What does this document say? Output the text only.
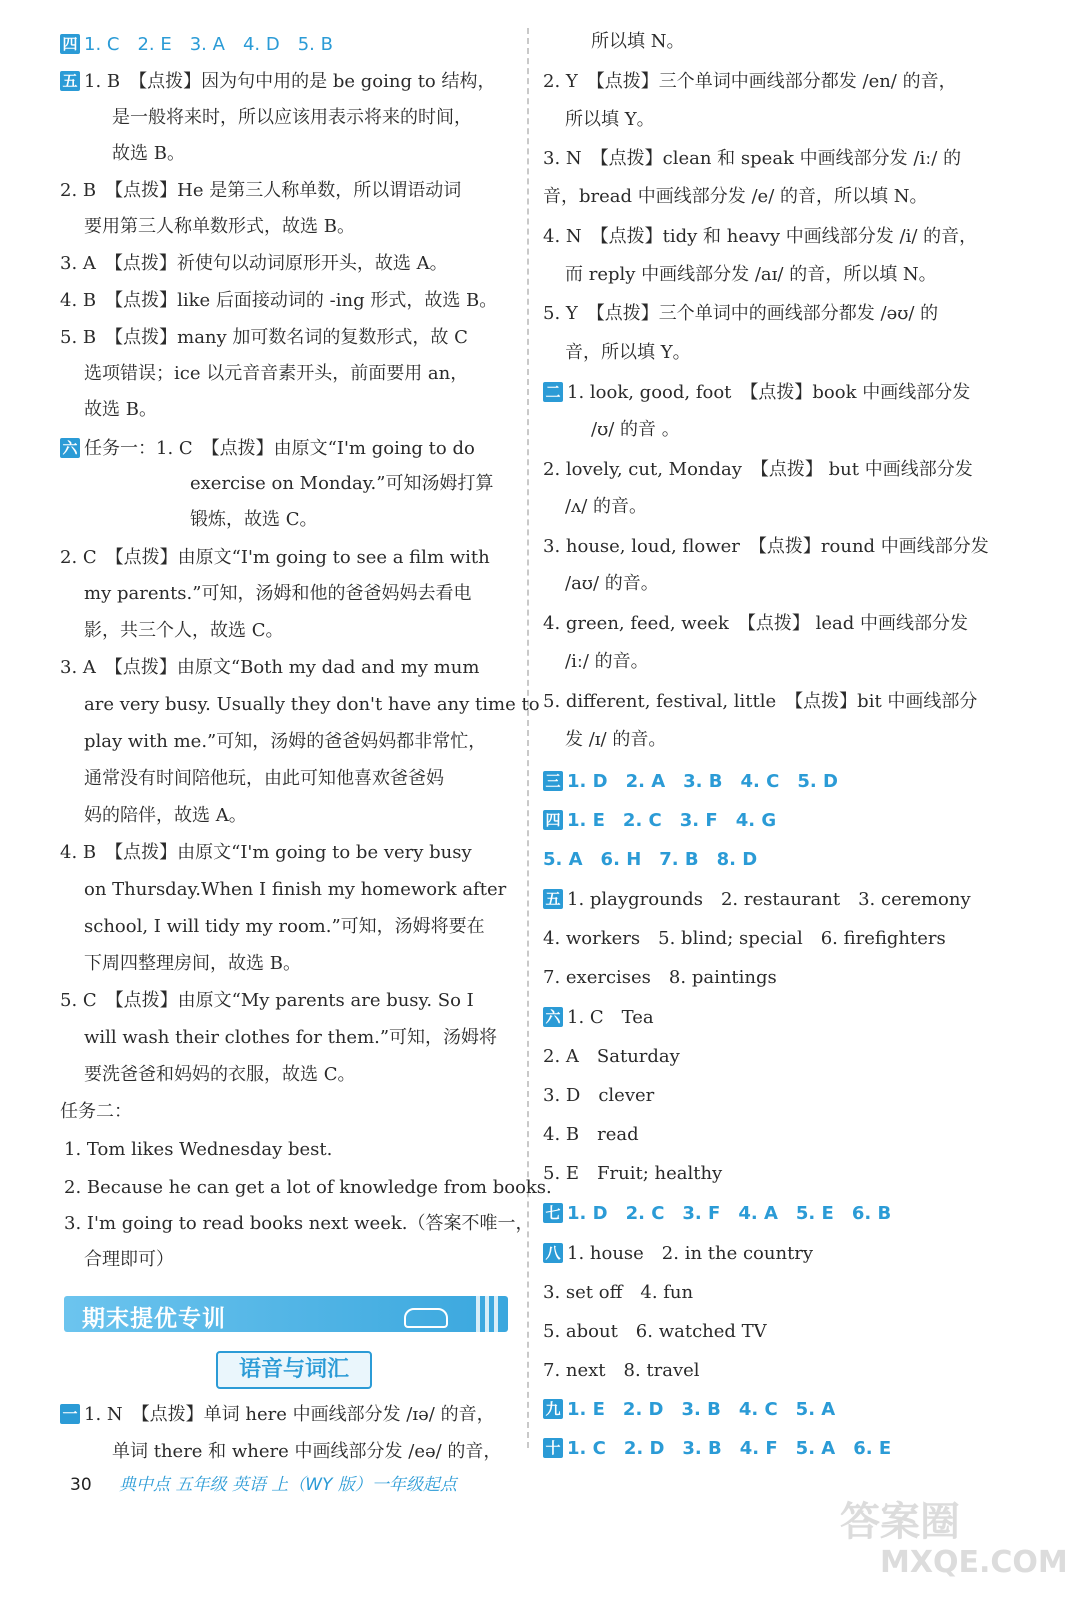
四 1. C　2. E　3. A　4. D　5. B
五 1. B　【点拨】因为句中用的是 be going to 结构，
是一般将来时，所以应该用表示将来的时间，
故选 B。
2. B　【点拨】He 是第三人称单数，所以谓语动词
要用第三人称单数形式，故选 B。
3. A　【点拨】祈使句以动词原形开头，故选 A。
4. B　【点拨】like 后面接动词的 -ing 形式，故选 B。
5. B　【点拨】many 加可数名词的复数形式，故 C
选项错误；ice 以元音音素开头，前面要用 an，
故选 B。
六 任务一：1. C　【点拨】由原文“I'm going to do
exercise on Monday.”可知汤姆打算
锻炼，故选 C。
2. C　【点拨】由原文“I'm going to see a film with
my parents.”可知，汤姆和他的爸爸妈妈去看电
影，共三个人，故选 C。
3. A　【点拨】由原文“Both my dad and my mum
are very busy. Usually they don't have any time to
play with me.”可知，汤姆的爸爸妈妈都非常忙，
通常没有时间陪他玩，由此可知他喜欢爸爸妈
妈的陪伴，故选 A。
4. B　【点拨】由原文“I'm going to be very busy
on Thursday.When I finish my homework after
school, I will tidy my room.”可知，汤姆将要在
下周四整理房间，故选 B。
5. C　【点拨】由原文“My parents are busy. So I
will wash their clothes for them.”可知，汤姆将
要洗爸爸和妈妈的衣服，故选 C。
任务二：
1. Tom likes Wednesday best.
2. Because he can get a lot of knowledge from books.
3. I'm going to read books next week.（答案不唯一，
合理即可）
期末提优专训
语音与词汇
一 1. N　【点拨】单词 here 中画线部分发 /ɪə/ 的音，
单词 there 和 where 中画线部分发 /eə/ 的音，
所以填 N。
2. Y　【点拨】三个单词中画线部分都发 /en/ 的音，
所以填 Y。
3. N　【点拨】clean 和 speak 中画线部分发 /iː/ 的
音，bread 中画线部分发 /e/ 的音，所以填 N。
4. N　【点拨】tidy 和 heavy 中画线部分发 /i/ 的音，
而 reply 中画线部分发 /aɪ/ 的音，所以填 N。
5. Y　【点拨】三个单词中的画线部分都发 /əʊ/ 的
音，所以填 Y。
二 1. look, good, foot　【点拨】book 中画线部分发
/ʊ/ 的音 。
2. lovely, cut, Monday　【点拨】 but 中画线部分发
/ʌ/ 的音。
3. house, loud, flower　【点拨】round 中画线部分发
/aʊ/ 的音。
4. green, feed, week　【点拨】 lead 中画线部分发
/iː/ 的音。
5. different, festival, little　【点拨】bit 中画线部分
发 /ɪ/ 的音。
三 1. D　2. A　3. B　4. C　5. D
四 1. E　2. C　3. F　4. G
5. A　6. H　7. B　8. D
五 1. playgrounds　2. restaurant　3. ceremony
4. workers　5. blind; special　6. firefighters
7. exercises　8. paintings
六 1. C　Tea
2. A　Saturday
3. D　clever
4. B　read
5. E　Fruit; healthy
七 1. D　2. C　3. F　4. A　5. E　6. B
八 1. house　2. in the country
3. set off　4. fun
5. about　6. watched TV
7. next　8. travel
九 1. E　2. D　3. B　4. C　5. A
十 1. C　2. D　3. B　4. F　5. A　6. E
30 典中点 五年级 英语 上（WY 版）一年级起点
答案圈
MXQE.COM
